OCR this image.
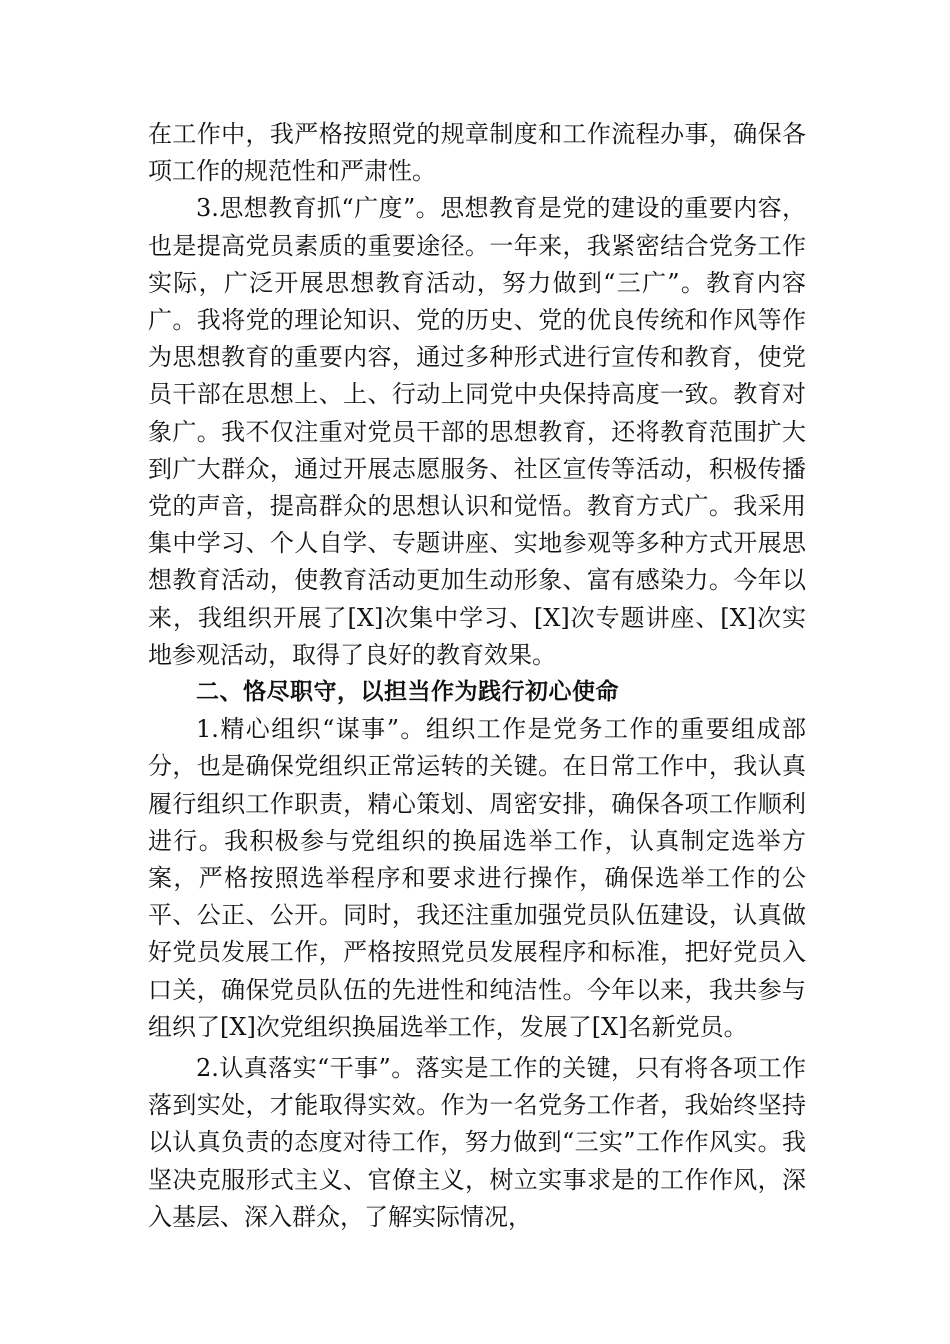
在工作中，我严格按照党的规章制度和工作流程办事，确保各项工作的规范性和严肃性。

3.思想教育抓“广度”。思想教育是党的建设的重要内容，也是提高党员素质的重要途径。一年来，我紧密结合党务工作实际，广泛开展思想教育活动，努力做到“三广”。教育内容广。我将党的理论知识、党的历史、党的优良传统和作风等作为思想教育的重要内容，通过多种形式进行宣传和教育，使党员干部在思想上、上、行动上同党中央保持高度一致。教育对象广。我不仅注重对党员干部的思想教育，还将教育范围扩大到广大群众，通过开展志愿服务、社区宣传等活动，积极传播党的声音，提高群众的思想认识和觉悟。教育方式广。我采用集中学习、个人自学、专题讲座、实地参观等多种方式开展思想教育活动，使教育活动更加生动形象、富有感染力。今年以来，我组织开展了[X]次集中学习、[X]次专题讲座、[X]次实地参观活动，取得了良好的教育效果。

二、恪尽职守，以担当作为践行初心使命

1.精心组织“谋事”。组织工作是党务工作的重要组成部分，也是确保党组织正常运转的关键。在日常工作中，我认真履行组织工作职责，精心策划、周密安排，确保各项工作顺利进行。我积极参与党组织的换届选举工作，认真制定选举方案，严格按照选举程序和要求进行操作，确保选举工作的公平、公正、公开。同时，我还注重加强党员队伍建设，认真做好党员发展工作，严格按照党员发展程序和标准，把好党员入口关，确保党员队伍的先进性和纯洁性。今年以来，我共参与组织了[X]次党组织换届选举工作，发展了[X]名新党员。

2.认真落实“干事”。落实是工作的关键，只有将各项工作落到实处，才能取得实效。作为一名党务工作者，我始终坚持以认真负责的态度对待工作，努力做到“三实”工作作风实。我坚决克服形式主义、官僚主义，树立实事求是的工作作风，深入基层、深入群众，了解实际情况，
